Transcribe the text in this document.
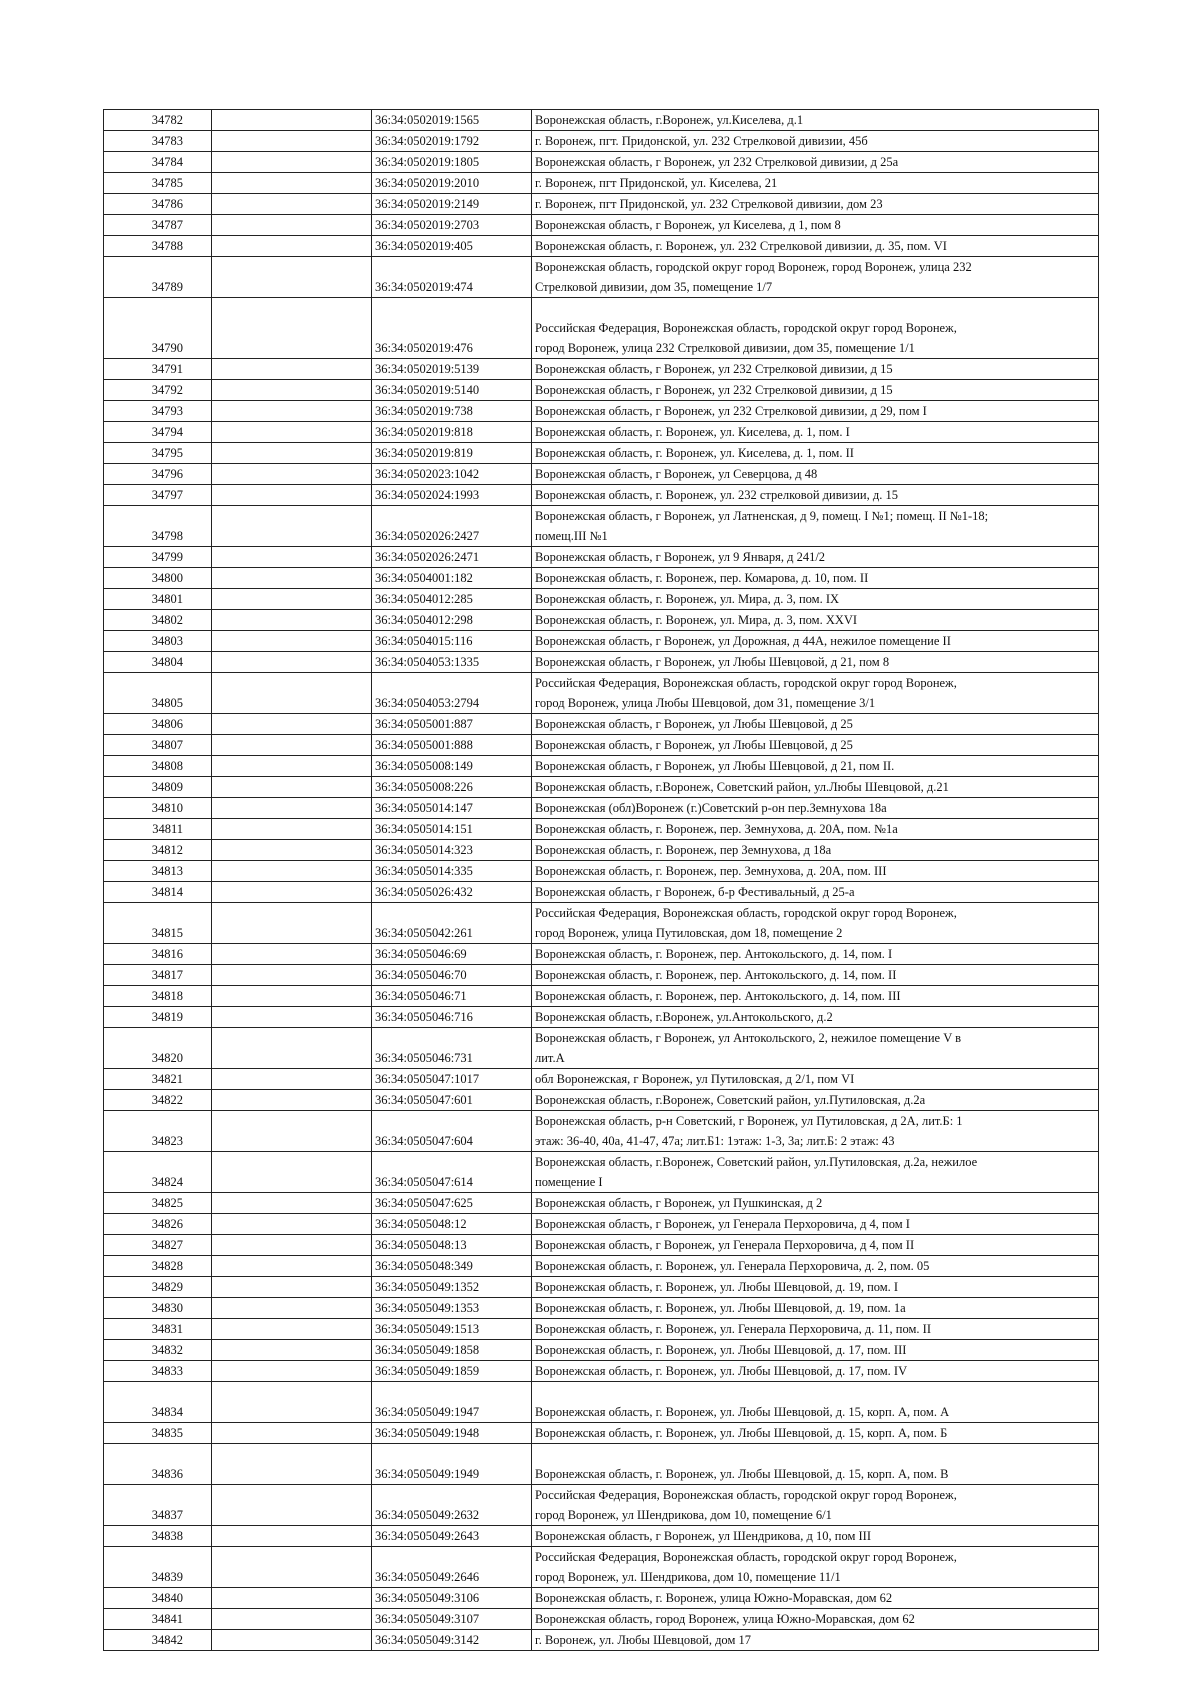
34782		36:34:0502019:1565	Воронежская область, г.Воронеж, ул.Киселева, д.1

34783		36:34:0502019:1792	г. Воронеж, пгт. Придонской, ул. 232 Стрелковой дивизии, 45б

34784		36:34:0502019:1805	Воронежская область, г Воронеж, ул 232 Стрелковой дивизии, д 25а

34785		36:34:0502019:2010	г. Воронеж, пгт Придонской, ул. Киселева, 21

34786		36:34:0502019:2149	г. Воронеж, пгт Придонской, ул. 232 Стрелковой дивизии, дом 23

34787		36:34:0502019:2703	Воронежская область, г Воронеж, ул Киселева, д 1, пом 8

34788		36:34:0502019:405	Воронежская область, г. Воронеж, ул. 232 Стрелковой дивизии, д. 35, пом. VI

34789		36:34:0502019:474	Воронежская область, городской округ город Воронеж, город Воронеж, улица 232
Стрелковой дивизии, дом 35, помещение 1/7

34790		36:34:0502019:476	Российская Федерация, Воронежская область, городской округ город Воронеж,
город Воронеж, улица 232 Стрелковой дивизии, дом 35, помещение 1/1

34791		36:34:0502019:5139	Воронежская область, г Воронеж, ул 232 Стрелковой дивизии, д 15

34792		36:34:0502019:5140	Воронежская область, г Воронеж, ул 232 Стрелковой дивизии, д 15

34793		36:34:0502019:738	Воронежская область, г Воронеж, ул 232 Стрелковой дивизии, д 29, пом I

34794		36:34:0502019:818	Воронежская область, г. Воронеж, ул. Киселева, д. 1, пом. I

34795		36:34:0502019:819	Воронежская область, г. Воронеж, ул. Киселева, д. 1, пом. II

34796		36:34:0502023:1042	Воронежская область, г Воронеж, ул Северцова, д 48

34797		36:34:0502024:1993	Воронежская область, г. Воронеж, ул. 232 стрелковой дивизии, д. 15

34798		36:34:0502026:2427	Воронежская область, г Воронеж, ул Латненская, д 9, помещ. I №1; помещ. II №1-18;
помещ.III №1

34799		36:34:0502026:2471	Воронежская область, г Воронеж, ул 9 Января, д 241/2

34800		36:34:0504001:182	Воронежская область, г. Воронеж, пер. Комарова, д. 10, пом. II

34801		36:34:0504012:285	Воронежская область, г. Воронеж, ул. Мира, д. 3, пом. IX

34802		36:34:0504012:298	Воронежская область, г. Воронеж, ул. Мира, д. 3, пом. XXVI

34803		36:34:0504015:116	Воронежская область, г Воронеж, ул Дорожная, д 44А, нежилое помещение II

34804		36:34:0504053:1335	Воронежская область, г Воронеж, ул Любы Шевцовой, д 21, пом 8

34805		36:34:0504053:2794	Российская Федерация, Воронежская область, городской округ город Воронеж,
город Воронеж, улица Любы Шевцовой, дом 31, помещение 3/1

34806		36:34:0505001:887	Воронежская область, г Воронеж, ул Любы Шевцовой, д 25

34807		36:34:0505001:888	Воронежская область, г Воронеж, ул Любы Шевцовой, д 25

34808		36:34:0505008:149	Воронежская область, г Воронеж, ул Любы Шевцовой, д 21, пом II.

34809		36:34:0505008:226	Воронежская область, г.Воронеж, Советский район, ул.Любы Шевцовой, д.21

34810		36:34:0505014:147	Воронежская (обл)Воронеж (г.)Советский р-он пер.Земнухова 18а

34811		36:34:0505014:151	Воронежская область, г. Воронеж, пер. Земнухова, д. 20А, пом. №1а

34812		36:34:0505014:323	Воронежская область, г. Воронеж, пер Земнухова, д 18а

34813		36:34:0505014:335	Воронежская область, г. Воронеж, пер. Земнухова, д. 20А, пом. III

34814		36:34:0505026:432	Воронежская область, г Воронеж, б-р Фестивальный, д 25-а

34815		36:34:0505042:261	Российская Федерация, Воронежская область, городской округ город Воронеж,
город Воронеж, улица Путиловская, дом 18, помещение 2

34816		36:34:0505046:69	Воронежская область, г. Воронеж, пер. Антокольского, д. 14, пом. I

34817		36:34:0505046:70	Воронежская область, г. Воронеж, пер. Антокольского, д. 14, пом. II

34818		36:34:0505046:71	Воронежская область, г. Воронеж, пер. Антокольского, д. 14, пом. III

34819		36:34:0505046:716	Воронежская область, г.Воронеж, ул.Антокольского, д.2

34820		36:34:0505046:731	Воронежская область, г Воронеж, ул Антокольского, 2, нежилое помещение V в
лит.А

34821		36:34:0505047:1017	обл Воронежская, г Воронеж, ул Путиловская, д 2/1, пом VI

34822		36:34:0505047:601	Воронежская область, г.Воронеж, Советский район, ул.Путиловская, д.2а

34823		36:34:0505047:604	Воронежская область, р-н Советский, г Воронеж, ул Путиловская, д 2А, лит.Б: 1
этаж: 36-40, 40а, 41-47, 47а; лит.Б1: 1этаж: 1-3, 3а; лит.Б: 2 этаж: 43

34824		36:34:0505047:614	Воронежская область, г.Воронеж, Советский район, ул.Путиловская, д.2а, нежилое
помещение I

34825		36:34:0505047:625	Воронежская область, г Воронеж, ул Пушкинская, д 2

34826		36:34:0505048:12	Воронежская область, г Воронеж, ул Генерала Перхоровича, д 4, пом I

34827		36:34:0505048:13	Воронежская область, г Воронеж, ул Генерала Перхоровича, д 4, пом II

34828		36:34:0505048:349	Воронежская область, г. Воронеж, ул. Генерала Перхоровича, д. 2, пом. 05

34829		36:34:0505049:1352	Воронежская область, г. Воронеж, ул. Любы Шевцовой, д. 19, пом. I

34830		36:34:0505049:1353	Воронежская область, г. Воронеж, ул. Любы Шевцовой, д. 19, пом. 1а

34831		36:34:0505049:1513	Воронежская область, г. Воронеж, ул. Генерала Перхоровича, д. 11, пом. II

34832		36:34:0505049:1858	Воронежская область, г. Воронеж, ул. Любы Шевцовой, д. 17, пом. III

34833		36:34:0505049:1859	Воронежская область, г. Воронеж, ул. Любы Шевцовой, д. 17, пом. IV

34834		36:34:0505049:1947	Воронежская область, г. Воронеж, ул. Любы Шевцовой, д. 15, корп. А, пом. А

34835		36:34:0505049:1948	Воронежская область, г. Воронеж, ул. Любы Шевцовой, д. 15, корп. А, пом. Б

34836		36:34:0505049:1949	Воронежская область, г. Воронеж, ул. Любы Шевцовой, д. 15, корп. А, пом. В

34837		36:34:0505049:2632	Российская Федерация, Воронежская область, городской округ город Воронеж,
город Воронеж, ул Шендрикова, дом 10, помещение 6/1

34838		36:34:0505049:2643	Воронежская область, г Воронеж, ул Шендрикова, д 10, пом III

34839		36:34:0505049:2646	Российская Федерация, Воронежская область, городской округ город Воронеж,
город Воронеж, ул. Шендрикова, дом 10, помещение 11/1

34840		36:34:0505049:3106	Воронежская область, г. Воронеж, улица Южно-Моравская, дом 62

34841		36:34:0505049:3107	Воронежская область, город Воронеж, улица Южно-Моравская, дом 62

34842		36:34:0505049:3142	г. Воронеж, ул. Любы Шевцовой, дом 17
